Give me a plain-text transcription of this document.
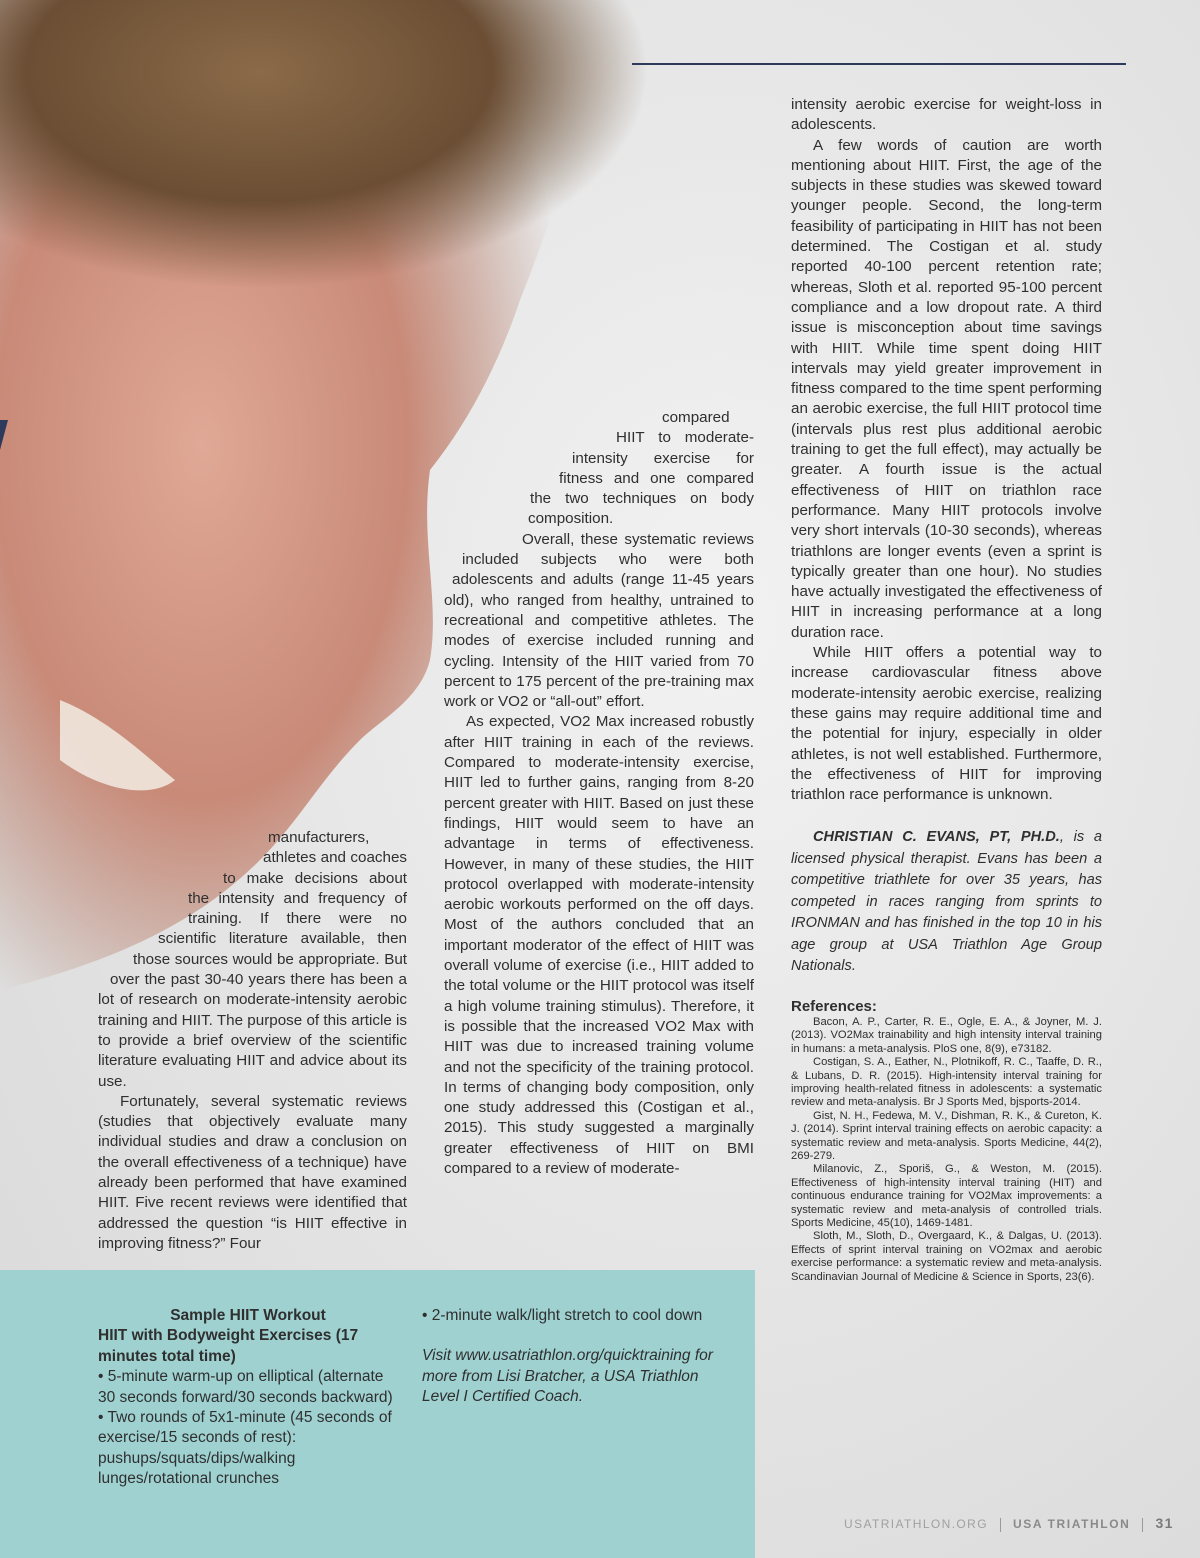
manufacturers, athletes and coaches to make decisions about the intensity and frequency of training. If there were no scientific literature available, then those sources would be appropriate. But over the past 30-40 years there has been a lot of research on moderate-intensity aerobic training and HIIT. The purpose of this article is to provide a brief overview of the scientific literature evaluating HIIT and advice about its use.

Fortunately, several systematic reviews (studies that objectively evaluate many individual studies and draw a conclusion on the overall effectiveness of a technique) have already been performed that have examined HIIT. Five recent reviews were identified that addressed the question “is HIIT effective in improving fitness?” Four

compared HIIT to moderate-intensity exercise for fitness and one compared the two techniques on body composition.

Overall, these systematic reviews included subjects who were both adolescents and adults (range 11-45 years old), who ranged from healthy, untrained to recreational and competitive athletes. The modes of exercise included running and cycling. Intensity of the HIIT varied from 70 percent to 175 percent of the pre-training max work or VO2 or “all-out” effort.

As expected, VO2 Max increased robustly after HIIT training in each of the reviews. Compared to moderate-intensity exercise, HIIT led to further gains, ranging from 8-20 percent greater with HIIT. Based on just these findings, HIIT would seem to have an advantage in terms of effectiveness. However, in many of these studies, the HIIT protocol overlapped with moderate-intensity aerobic workouts performed on the off days. Most of the authors concluded that an important moderator of the effect of HIIT was overall volume of exercise (i.e., HIIT added to the total volume or the HIIT protocol was itself a high volume training stimulus). Therefore, it is possible that the increased VO2 Max with HIIT was due to increased training volume and not the specificity of the training protocol. In terms of changing body composition, only one study addressed this (Costigan et al., 2015). This study suggested a marginally greater effectiveness of HIIT on BMI compared to a review of moderate-

intensity aerobic exercise for weight-loss in adolescents.

A few words of caution are worth mentioning about HIIT. First, the age of the subjects in these studies was skewed toward younger people. Second, the long-term feasibility of participating in HIIT has not been determined. The Costigan et al. study reported 40-100 percent retention rate; whereas, Sloth et al. reported 95-100 percent compliance and a low dropout rate. A third issue is misconception about time savings with HIIT. While time spent doing HIIT intervals may yield greater improvement in fitness compared to the time spent performing an aerobic exercise, the full HIIT protocol time (intervals plus rest plus additional aerobic training to get the full effect), may actually be greater. A fourth issue is the actual effectiveness of HIIT on triathlon race performance. Many HIIT protocols involve very short intervals (10-30 seconds), whereas triathlons are longer events (even a sprint is typically greater than one hour). No studies have actually investigated the effectiveness of HIIT in increasing performance at a long duration race.

While HIIT offers a potential way to increase cardiovascular fitness above moderate-intensity aerobic exercise, realizing these gains may require additional time and the potential for injury, especially in older athletes, is not well established. Furthermore, the effectiveness of HIIT for improving triathlon race performance is unknown.

CHRISTIAN C. EVANS, PT, PH.D., is a licensed physical therapist. Evans has been a competitive triathlete for over 35 years, has competed in races ranging from sprints to IRONMAN and has finished in the top 10 in his age group at USA Triathlon Age Group Nationals.
References:

Bacon, A. P., Carter, R. E., Ogle, E. A., & Joyner, M. J. (2013). VO2Max trainability and high intensity interval training in humans: a meta-analysis. PloS one, 8(9), e73182.

Costigan, S. A., Eather, N., Plotnikoff, R. C., Taaffe, D. R., & Lubans, D. R. (2015). High-intensity interval training for improving health-related fitness in adolescents: a systematic review and meta-analysis. Br J Sports Med, bjsports-2014.

Gist, N. H., Fedewa, M. V., Dishman, R. K., & Cureton, K. J. (2014). Sprint interval training effects on aerobic capacity: a systematic review and meta-analysis. Sports Medicine, 44(2), 269-279.

Milanovic, Z., Sporiš, G., & Weston, M. (2015). Effectiveness of high-intensity interval training (HIT) and continuous endurance training for VO2Max improvements: a systematic review and meta-analysis of controlled trials. Sports Medicine, 45(10), 1469-1481.

Sloth, M., Sloth, D., Overgaard, K., & Dalgas, U. (2013). Effects of sprint interval training on VO2max and aerobic exercise performance: a systematic review and meta-analysis. Scandinavian Journal of Medicine & Science in Sports, 23(6).

Sample HIIT Workout
HIIT with Bodyweight Exercises (17 minutes total time)

• 5-minute warm-up on elliptical (alternate 30 seconds forward/30 seconds backward)

• Two rounds of 5x1-minute (45 seconds of exercise/15 seconds of rest): pushups/squats/dips/walking lunges/rotational crunches

• 2-minute walk/light stretch to cool down

Visit www.usatriathlon.org/quicktraining for more from Lisi Bratcher, a USA Triathlon Level I Certified Coach.

USATRIATHLON.ORG USA TRIATHLON 31
